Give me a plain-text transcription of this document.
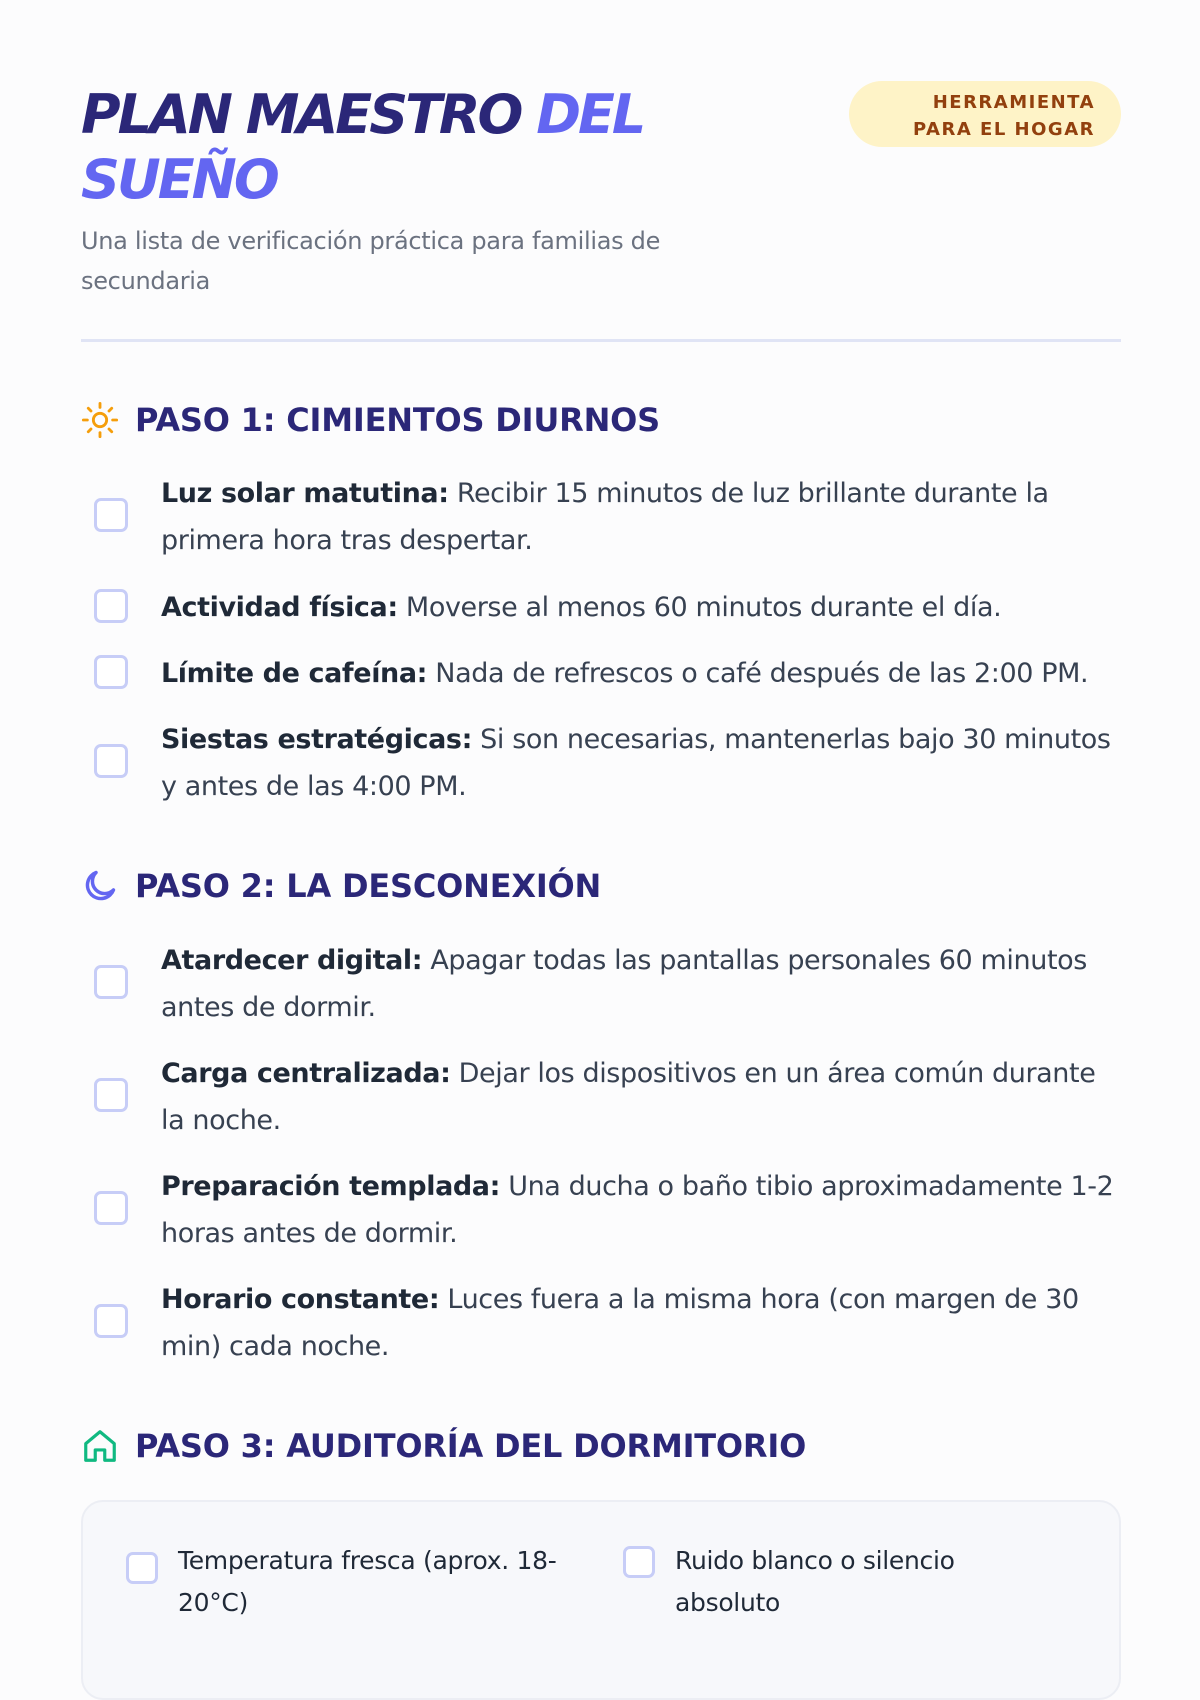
PLAN MAESTRO DEL SUEÑO
Una lista de verificación práctica para familias de secundaria
HERRAMIENTA PARA EL HOGAR
PASO 1: CIMIENTOS DIURNOS
Luz solar matutina: Recibir 15 minutos de luz brillante durante la primera hora tras despertar.
Actividad física: Moverse al menos 60 minutos durante el día.
Límite de cafeína: Nada de refrescos o café después de las 2:00 PM.
Siestas estratégicas: Si son necesarias, mantenerlas bajo 30 minutos y antes de las 4:00 PM.
PASO 2: LA DESCONEXIÓN
Atardecer digital: Apagar todas las pantallas personales 60 minutos antes de dormir.
Carga centralizada: Dejar los dispositivos en un área común durante la noche.
Preparación templada: Una ducha o baño tibio aproximadamente 1-2 horas antes de dormir.
Horario constante: Luces fuera a la misma hora (con margen de 30 min) cada noche.
PASO 3: AUDITORÍA DEL DORMITORIO
Temperatura fresca (aprox. 18-20°C)
Ruido blanco o silencio absoluto
